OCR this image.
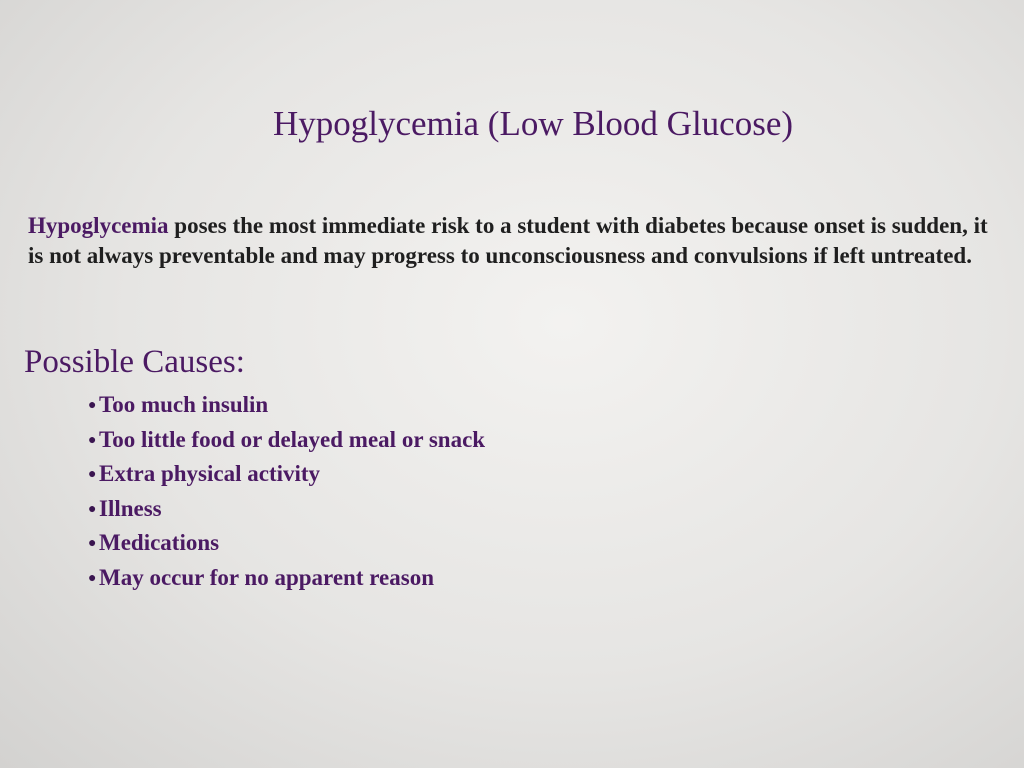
Hypoglycemia (Low Blood Glucose)

Hypoglycemia poses the most immediate risk to a student with diabetes because onset is sudden, it is not always preventable and may progress to unconsciousness and convulsions if left untreated.

Possible Causes:
● Too much insulin
● Too little food or delayed meal or snack
● Extra physical activity
● Illness
● Medications
● May occur for no apparent reason
